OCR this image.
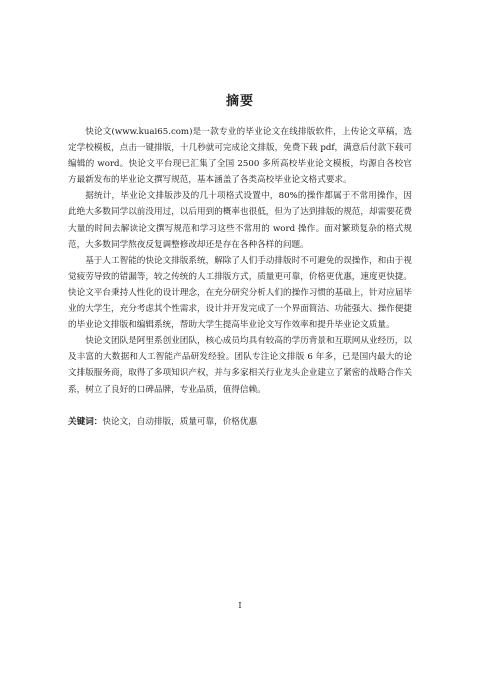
摘要

快论文(www.kuai65.com)是一款专业的毕业论文在线排版软件，上传论文草稿，选定学校模板，点击一键排版，十几秒就可完成论文排版，免费下载 pdf，满意后付款下载可编辑的 word。快论文平台现已汇集了全国 2500 多所高校毕业论文模板，均源自各校官方最新发布的毕业论文撰写规范，基本涵盖了各类高校毕业论文格式要求。

据统计，毕业论文排版涉及的几十项格式设置中，80%的操作都属于不常用操作，因此绝大多数同学以前没用过，以后用到的概率也很低，但为了达到排版的规范，却需要花费大量的时间去解读论文撰写规范和学习这些不常用的 word 操作。面对繁琐复杂的格式规范，大多数同学熬夜反复调整修改却还是存在各种各样的问题。

基于人工智能的快论文排版系统，解除了人们手动排版时不可避免的误操作，和由于视觉疲劳导致的错漏等，较之传统的人工排版方式，质量更可靠，价格更优惠，速度更快捷。快论文平台秉持人性化的设计理念，在充分研究分析人们的操作习惯的基础上，针对应届毕业的大学生，充分考虑其个性需求，设计并开发完成了一个界面简洁、功能强大、操作便捷的毕业论文排版和编辑系统，帮助大学生提高毕业论文写作效率和提升毕业论文质量。

快论文团队是阿里系创业团队，核心成员均具有较高的学历背景和互联网从业经历，以及丰富的大数据和人工智能产品研发经验。团队专注论文排版 6 年多，已是国内最大的论文排版服务商，取得了多项知识产权，并与多家相关行业龙头企业建立了紧密的战略合作关系，树立了良好的口碑品牌，专业品质，值得信赖。

关键词：快论文，自动排版，质量可靠，价格优惠
I
